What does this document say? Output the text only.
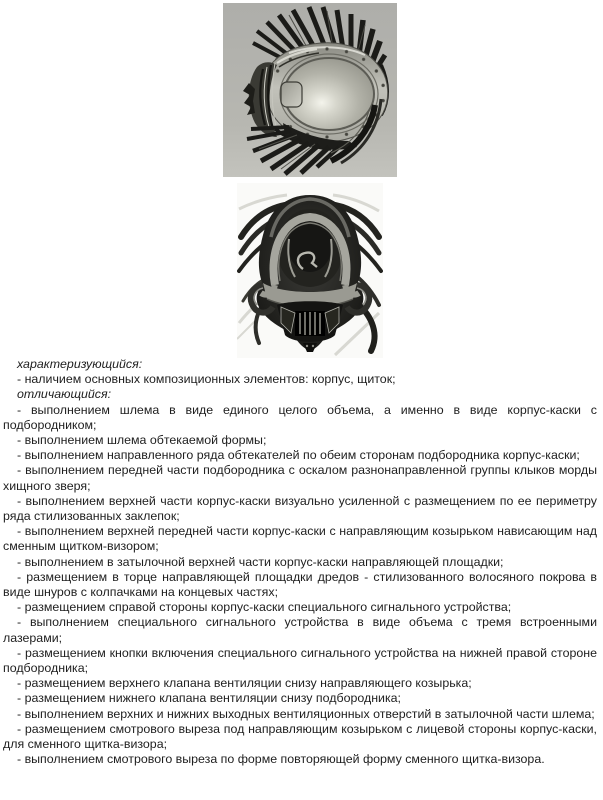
характеризующийся:

- наличием основных композиционных элементов: корпус, щиток;

отличающийся:

- выполнением шлема в виде единого целого объема, а именно в виде корпус-каски с подбородником;

- выполнением шлема обтекаемой формы;

- выполнением направленного ряда обтекателей по обеим сторонам подбородника корпус-каски;

- выполнением передней части подбородника с оскалом разнонаправленной группы клыков морды хищного зверя;

- выполнением верхней части корпус-каски визуально усиленной с размещением по ее периметру ряда стилизованных заклепок;

- выполнением верхней передней части корпус-каски с направляющим козырьком нависающим над сменным щитком-визором;

- выполнением в затылочной верхней части корпус-каски направляющей площадки;

- размещением в торце направляющей площадки дредов - стилизованного волосяного покрова в виде шнуров с колпачками на концевых частях;

- размещением справой стороны корпус-каски специального сигнального устройства;

- выполнением специального сигнального устройства в виде объема с тремя встроенными лазерами;

- размещением кнопки включения специального сигнального устройства на нижней правой стороне подбородника;

- размещением верхнего клапана вентиляции снизу направляющего козырька;

- размещением нижнего клапана вентиляции снизу подбородника;

- выполнением верхних и нижних выходных вентиляционных отверстий в затылочной части шлема;

- размещением смотрового выреза под направляющим козырьком с лицевой стороны корпус-каски, для сменного щитка-визора;

- выполнением смотрового выреза по форме повторяющей форму сменного щитка-визора.
